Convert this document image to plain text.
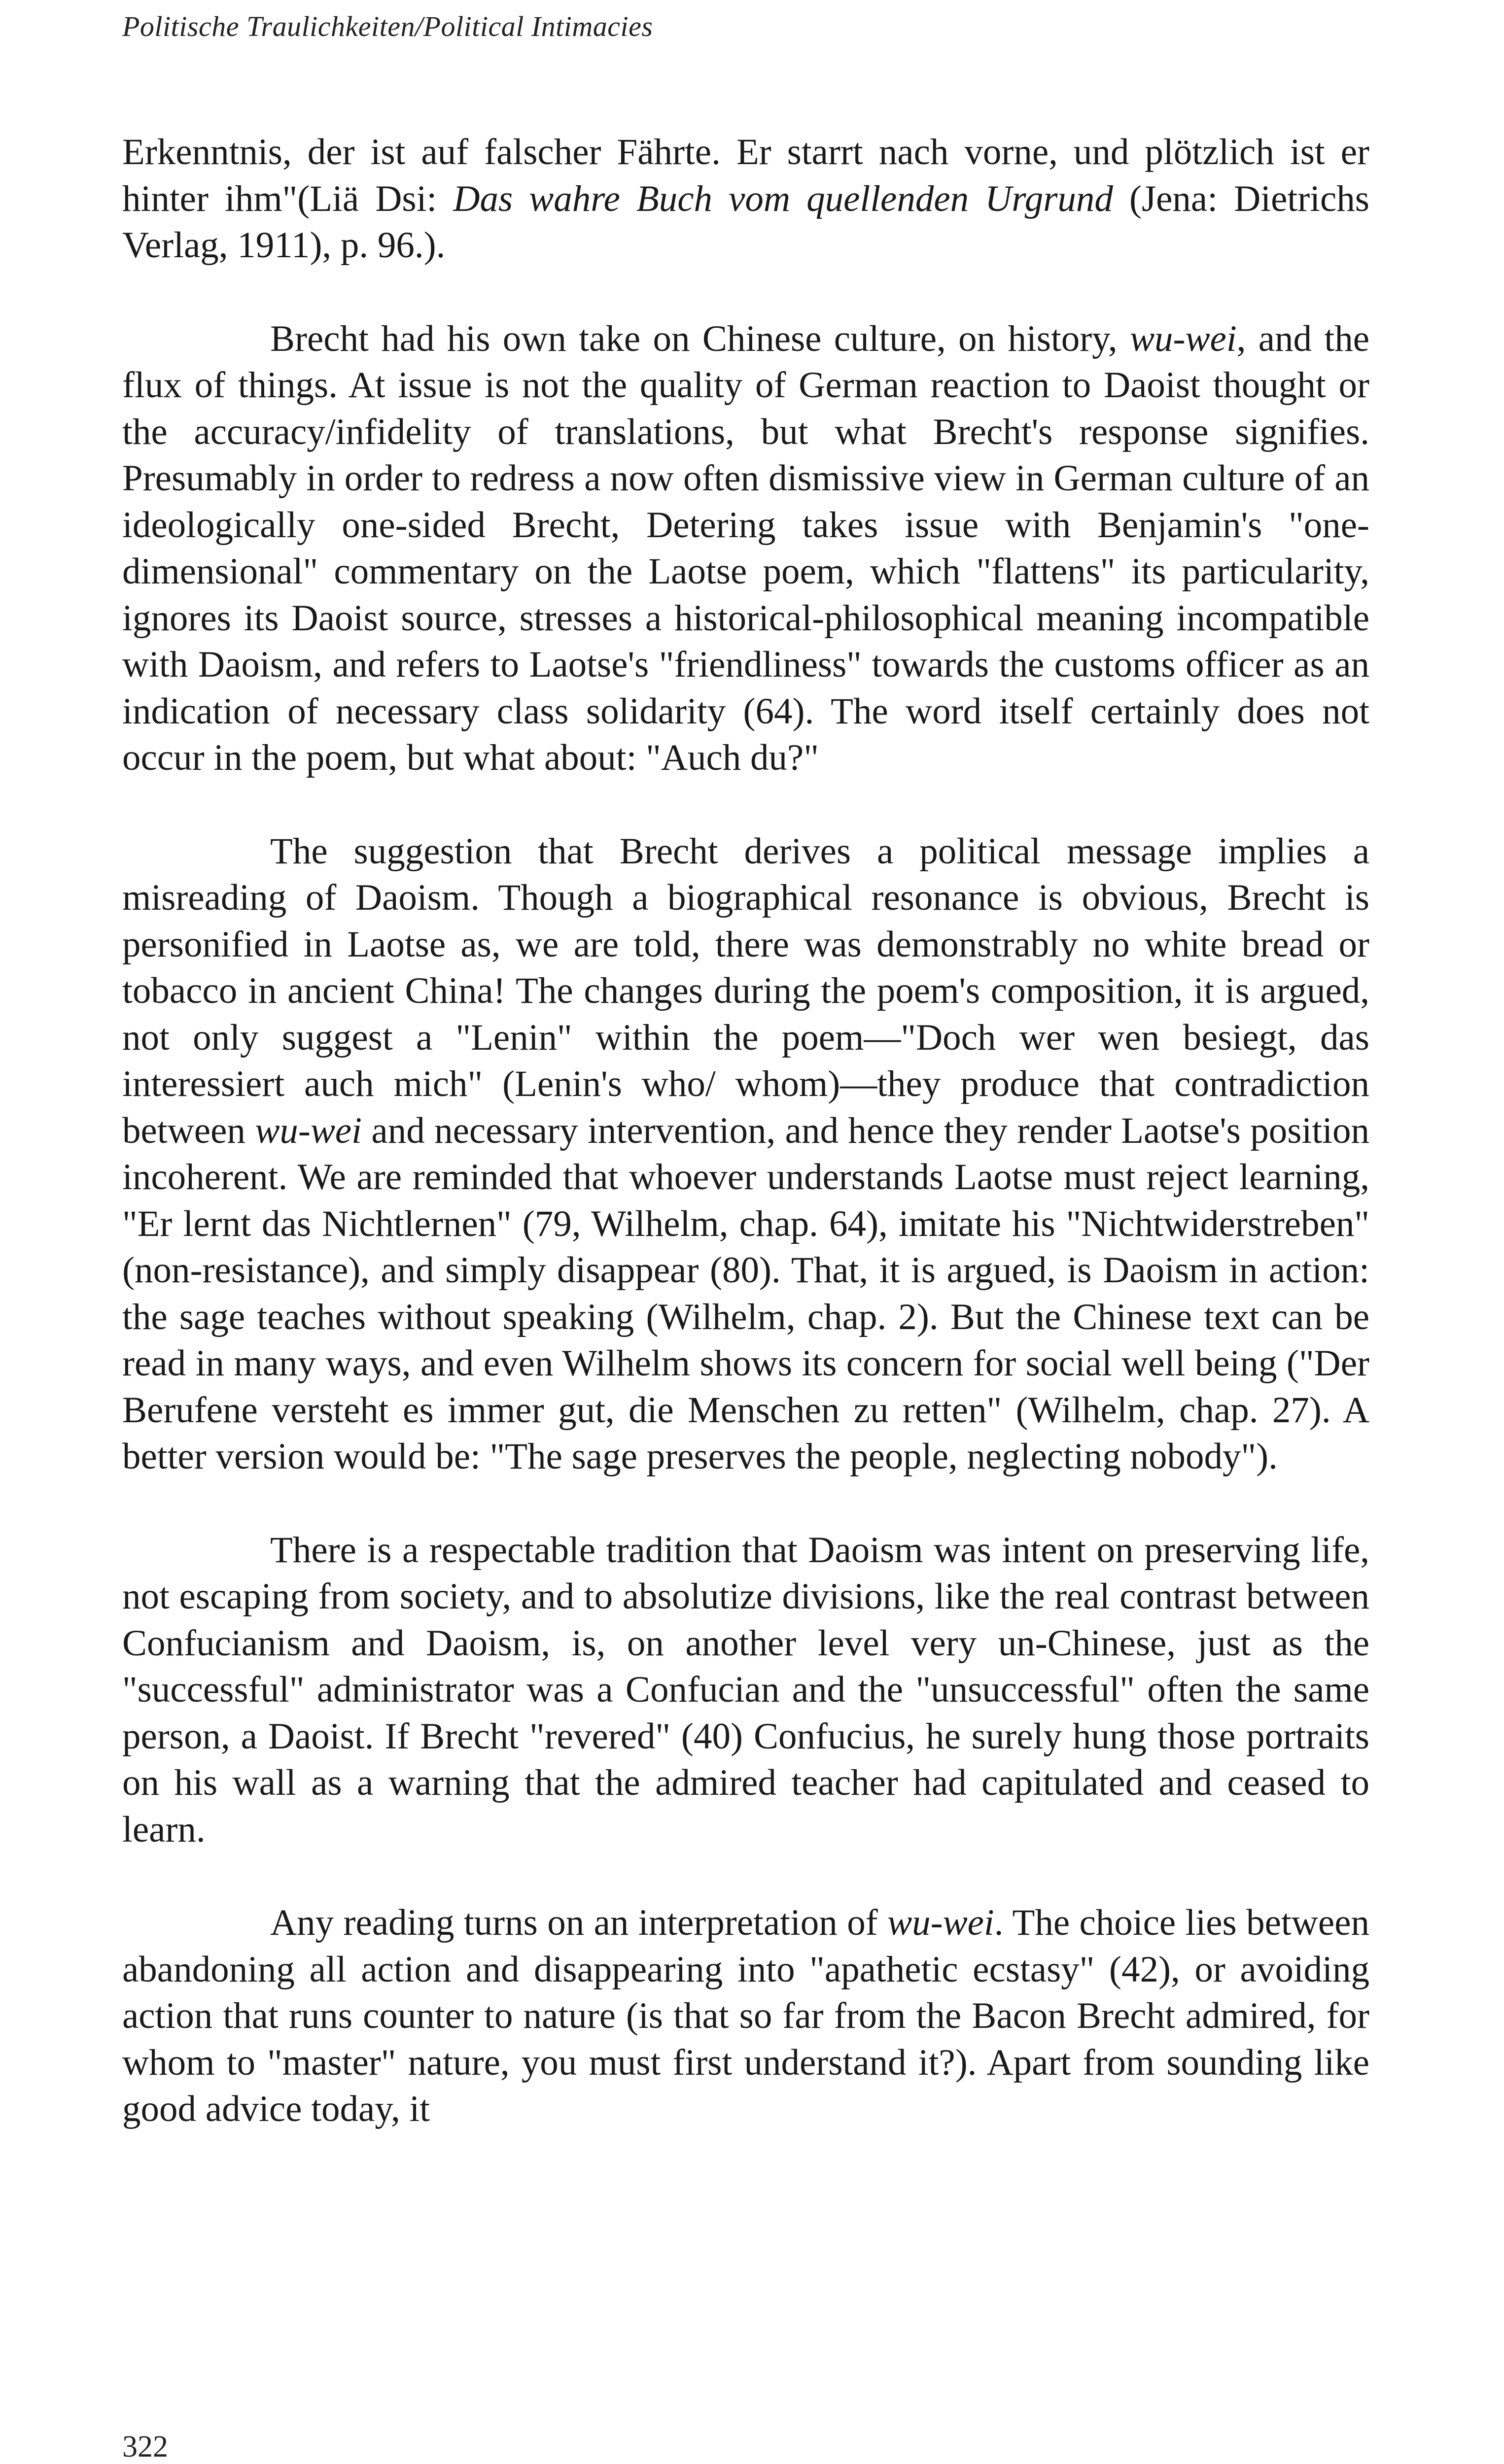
Politische Traulichkeiten/Political Intimacies

Erkenntnis, der ist auf falscher Fährte. Er starrt nach vorne, und plötzlich ist er hinter ihm"(Liä Dsi: Das wahre Buch vom quellenden Urgrund (Jena: Dietrichs Verlag, 1911), p. 96.).

Brecht had his own take on Chinese culture, on history, wu-wei, and the flux of things. At issue is not the quality of German reaction to Daoist thought or the accuracy/infidelity of translations, but what Brecht's response signifies. Presumably in order to redress a now often dismissive view in German culture of an ideologically one-sided Brecht, Detering takes issue with Benjamin's "one-dimensional" commentary on the Laotse poem, which "flattens" its particularity, ignores its Daoist source, stresses a historical-philosophical meaning incompatible with Daoism, and refers to Laotse's "friendliness" towards the customs officer as an indication of necessary class solidarity (64). The word itself certainly does not occur in the poem, but what about: "Auch du?"

The suggestion that Brecht derives a political message implies a misreading of Daoism. Though a biographical resonance is obvious, Brecht is personified in Laotse as, we are told, there was demonstrably no white bread or tobacco in ancient China! The changes during the poem's composition, it is argued, not only suggest a "Lenin" within the poem—"Doch wer wen besiegt, das interessiert auch mich" (Lenin's who/ whom)—they produce that contradiction between wu-wei and necessary intervention, and hence they render Laotse's position incoherent. We are reminded that whoever understands Laotse must reject learning, "Er lernt das Nichtlernen" (79, Wilhelm, chap. 64), imitate his "Nichtwiderstreben" (non-resistance), and simply disappear (80). That, it is argued, is Daoism in action: the sage teaches without speaking (Wilhelm, chap. 2). But the Chinese text can be read in many ways, and even Wilhelm shows its concern for social well being ("Der Berufene versteht es immer gut, die Menschen zu retten" (Wilhelm, chap. 27). A better version would be: "The sage preserves the people, neglecting nobody").

There is a respectable tradition that Daoism was intent on preserving life, not escaping from society, and to absolutize divisions, like the real contrast between Confucianism and Daoism, is, on another level very un-Chinese, just as the "successful" administrator was a Confucian and the "unsuccessful" often the same person, a Daoist. If Brecht "revered" (40) Confucius, he surely hung those portraits on his wall as a warning that the admired teacher had capitulated and ceased to learn.

Any reading turns on an interpretation of wu-wei. The choice lies between abandoning all action and disappearing into "apathetic ecstasy" (42), or avoiding action that runs counter to nature (is that so far from the Bacon Brecht admired, for whom to "master" nature, you must first understand it?). Apart from sounding like good advice today, it

322
